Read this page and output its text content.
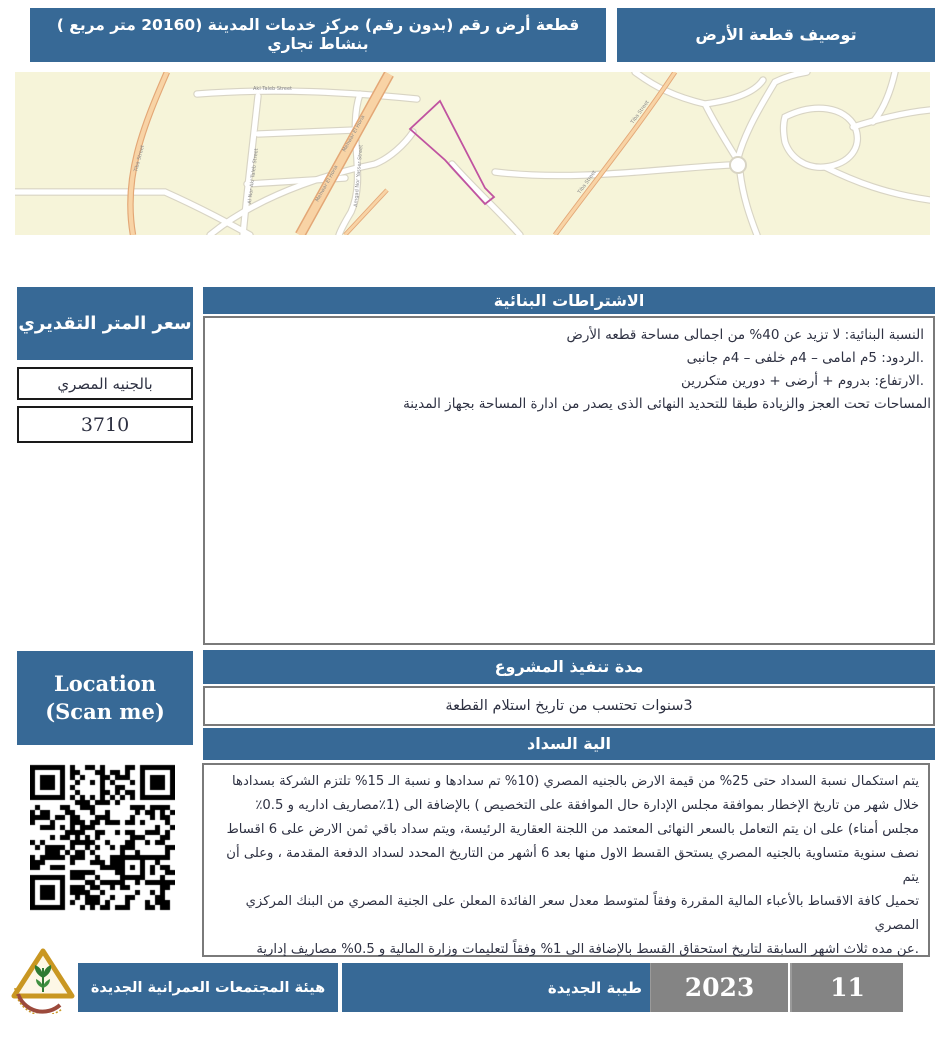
توصيف قطعة الأرض
قطعة أرض رقم (بدون رقم) مركز خدمات المدينة (20160 متر مربع ) بنشاط تجاري
Akl Taleb Street
Al Nor Akl Taleb Street	Amgad Nor Yasser Street
Tiba Street
Mehwar El Horia
Mehwar El Horia
Tiba Street
Tiba Street
سعر المتر التقديري
بالجنيه المصري
3710
الاشتراطات البنائية
النسبة البنائية: لا تزيد عن 40% من اجمالى مساحة قطعه الأرض
.الردود: 5م امامى – 4م خلفى – 4م جانبى
.الارتفاع: بدروم + أرضى + دورين متكررين
المساحات تحت العجز والزيادة طبقا للتحديد النهائى الذى يصدر من ادارة المساحة بجهاز المدينة
Location
(Scan me)
مدة تنفيذ المشروع
3سنوات تحتسب من تاريخ استلام القطعة
الية السداد
يتم استكمال نسبة السداد حتى 25% من قيمة الارض بالجنيه المصري (10% تم سدادها و نسبة الـ 15% تلتزم الشركة بسدادها
خلال شهر من تاريخ الإخطار بموافقة مجلس الإدارة حال الموافقة على التخصيص ) بالإضافة الى (1٪مصاريف اداريه و 0.5٪
مجلس أمناء) على ان يتم التعامل بالسعر النهائى المعتمد من اللجنة العقارية الرئيسة، ويتم سداد باقي ثمن الارض على 6 اقساط
نصف سنوية متساوية بالجنيه المصري يستحق القسط الاول منها بعد 6 أشهر من التاريخ المحدد لسداد الدفعة المقدمة ، وعلى أن يتم
تحميل كافة الاقساط بالأعباء المالية المقررة وفقاً لمتوسط معدل سعر الفائدة المعلن على الجنية المصري من البنك المركزي المصري
.عن مده ثلاث اشهر السابقة لتاريخ استحقاق القسط بالإضافة الى 1% وفقاً لتعليمات وزارة المالية و 0.5% مصاريف إدارية
هيئة المجتمعات العمرانية الجديدة	طيبة الجديدة	2023	11
